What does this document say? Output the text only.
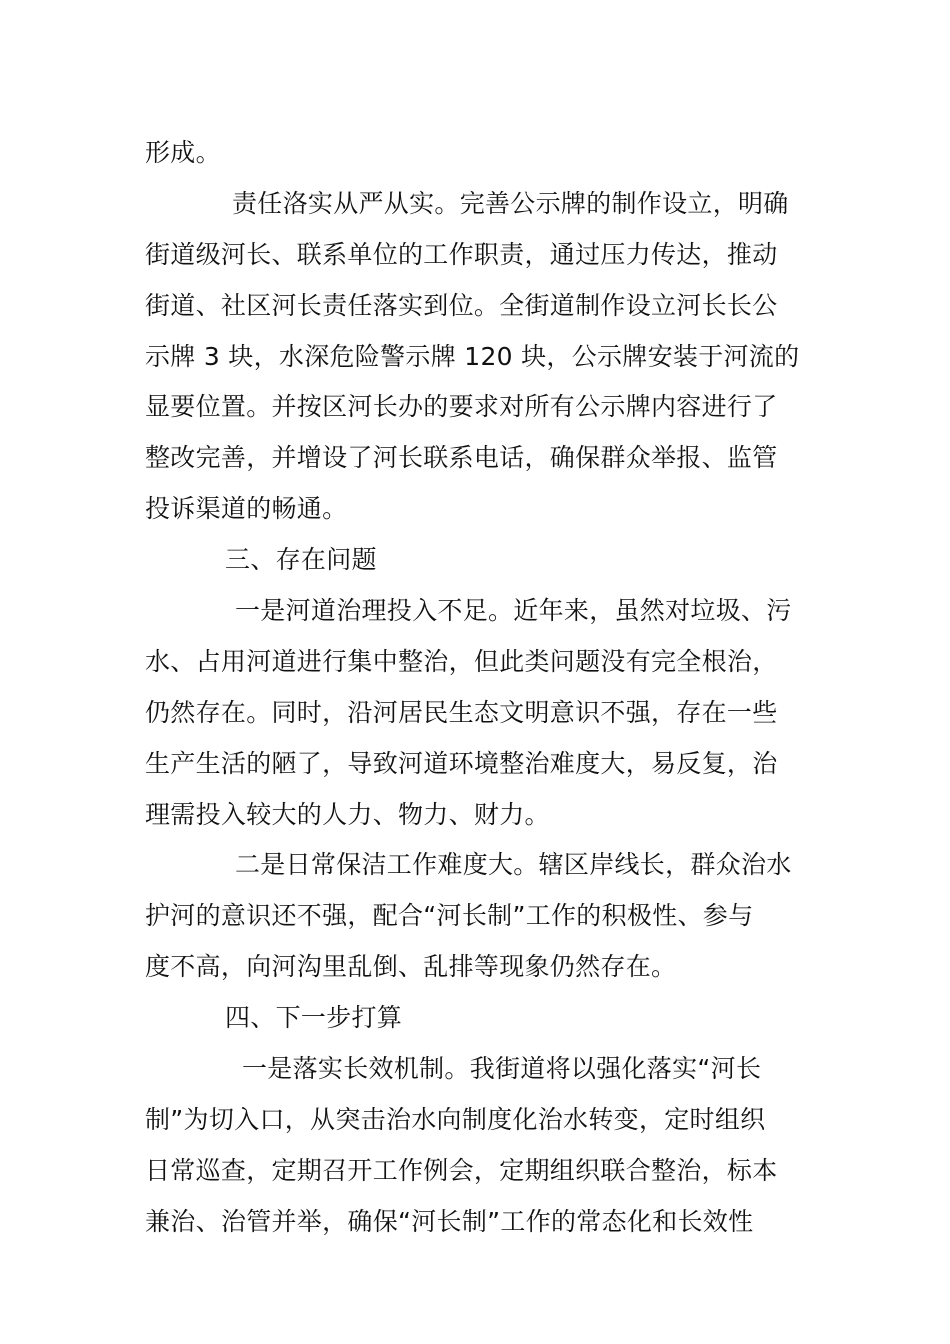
形成。
责任洛实从严从实。完善公示牌的制作设立，明确
街道级河长、联系单位的工作职责，通过压力传达，推动
街道、社区河长责任落实到位。全街道制作设立河长长公
示牌 3 块，水深危险警示牌 120 块，公示牌安装于河流的
显要位置。并按区河长办的要求对所有公示牌内容进行了
整改完善，并增设了河长联系电话，确保群众举报、监管
投诉渠道的畅通。
三、存在问题
一是河道治理投入不足。近年来，虽然对垃圾、污
水、占用河道进行集中整治，但此类问题没有完全根治，
仍然存在。同时，沿河居民生态文明意识不强，存在一些
生产生活的陋了，导致河道环境整治难度大，易反复，治
理需投入较大的人力、物力、财力。
二是日常保洁工作难度大。辖区岸线长，群众治水
护河的意识还不强，配合“河长制”工作的积极性、参与
度不高，向河沟里乱倒、乱排等现象仍然存在。
四、下一步打算
一是落实长效机制。我街道将以强化落实“河长
制”为切入口，从突击治水向制度化治水转变，定时组织
日常巡查，定期召开工作例会，定期组织联合整治，标本
兼治、治管并举，确保“河长制”工作的常态化和长效性
